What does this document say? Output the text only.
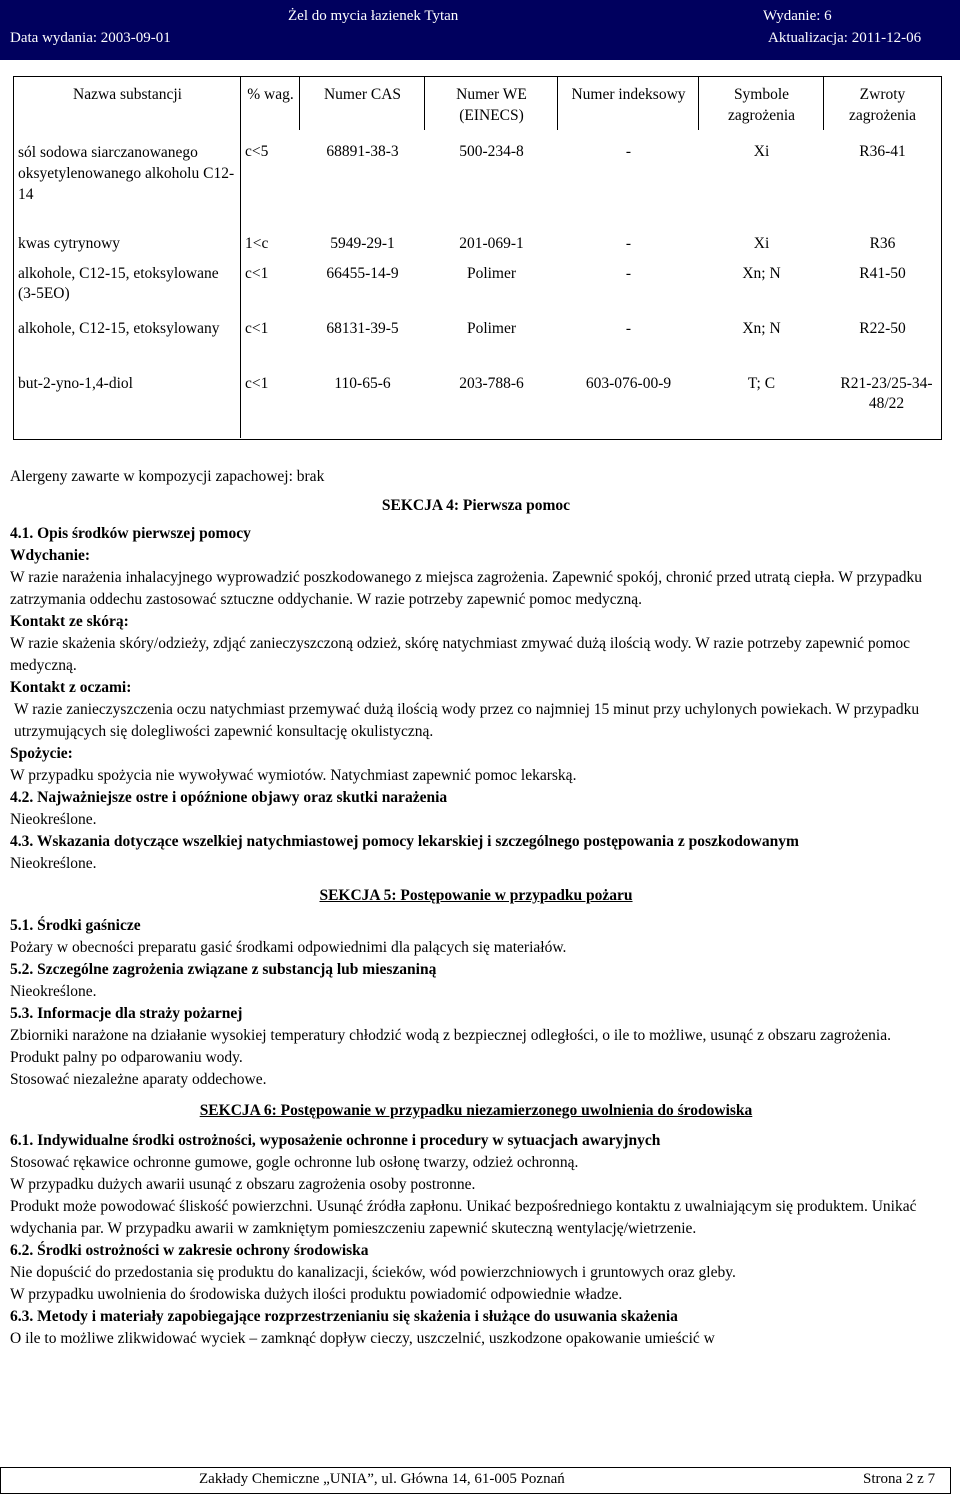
Data wydania: 2003-09-01
Żel do mycia łazienek Tytan	Wydanie: 6
Aktualizacja: 2011-12-06
Nazwa substancji	% wag.	Numer CAS	Numer WE (EINECS)	Numer indeksowy	Symbole zagrożenia	Zwroty zagrożenia
sól sodowa siarczanowanego oksyetylenowanego alkoholu C12-14	c<5	68891-38-3	500-234-8	-	Xi	R36-41
kwas cytrynowy	1<c	5949-29-1	201-069-1	-	Xi	R36
alkohole, C12-15, etoksylowane (3-5EO)	c<1	66455-14-9	Polimer	-	Xn; N	R41-50
alkohole, C12-15, etoksylowany	c<1	68131-39-5	Polimer	-	Xn; N	R22-50
but-2-yno-1,4-diol	c<1	110-65-6	203-788-6	603-076-00-9	T; C	R21-23/25-34-48/22

Alergeny zawarte w kompozycji zapachowej: brak

SEKCJA 4: Pierwsza pomoc

4.1. Opis środków pierwszej pomocy

Wdychanie:

W razie narażenia inhalacyjnego wyprowadzić poszkodowanego z miejsca zagrożenia. Zapewnić spokój, chronić przed utratą ciepła. W przypadku zatrzymania oddechu zastosować sztuczne oddychanie. W razie potrzeby zapewnić pomoc medyczną.

Kontakt ze skórą:

W razie skażenia skóry/odzieży, zdjąć zanieczyszczoną odzież, skórę natychmiast zmywać dużą ilością wody. W razie potrzeby zapewnić pomoc medyczną.

Kontakt z oczami:

W razie zanieczyszczenia oczu natychmiast przemywać dużą ilością wody przez co najmniej 15 minut przy uchylonych powiekach. W przypadku utrzymujących się dolegliwości zapewnić konsultację okulistyczną.

Spożycie:

W przypadku spożycia nie wywoływać wymiotów. Natychmiast zapewnić pomoc lekarską.

4.2. Najważniejsze ostre i opóźnione objawy oraz skutki narażenia

Nieokreślone.

4.3. Wskazania dotyczące wszelkiej natychmiastowej pomocy lekarskiej i szczególnego postępowania z poszkodowanym

Nieokreślone.

SEKCJA 5: Postępowanie w przypadku pożaru

5.1. Środki gaśnicze

Pożary w obecności preparatu gasić środkami odpowiednimi dla palących się materiałów.

5.2. Szczególne zagrożenia związane z substancją lub mieszaniną

Nieokreślone.

5.3. Informacje dla straży pożarnej

Zbiorniki narażone na działanie wysokiej temperatury chłodzić wodą z bezpiecznej odległości, o ile to możliwe, usunąć z obszaru zagrożenia.

Produkt palny po odparowaniu wody.

Stosować niezależne aparaty oddechowe.

SEKCJA 6: Postępowanie w przypadku niezamierzonego uwolnienia do środowiska

6.1. Indywidualne środki ostrożności, wyposażenie ochronne i procedury w sytuacjach awaryjnych

Stosować rękawice ochronne gumowe, gogle ochronne lub osłonę twarzy, odzież ochronną.

W przypadku dużych awarii usunąć z obszaru zagrożenia osoby postronne.

Produkt może powodować śliskość powierzchni. Usunąć źródła zapłonu. Unikać bezpośredniego kontaktu z uwalniającym się produktem. Unikać wdychania par. W przypadku awarii w zamkniętym pomieszczeniu zapewnić skuteczną wentylację/wietrzenie.

6.2. Środki ostrożności w zakresie ochrony środowiska

Nie dopuścić do przedostania się produktu do kanalizacji, ścieków, wód powierzchniowych i gruntowych oraz gleby.

W przypadku uwolnienia do środowiska dużych ilości produktu powiadomić odpowiednie władze.

6.3. Metody i materiały zapobiegające rozprzestrzenianiu się skażenia i służące do usuwania skażenia

O ile to możliwe zlikwidować wyciek – zamknąć dopływ cieczy, uszczelnić, uszkodzone opakowanie umieścić w

Zakłady Chemiczne „UNIA”, ul. Główna 14, 61-005 Poznań	Strona 2 z 7
